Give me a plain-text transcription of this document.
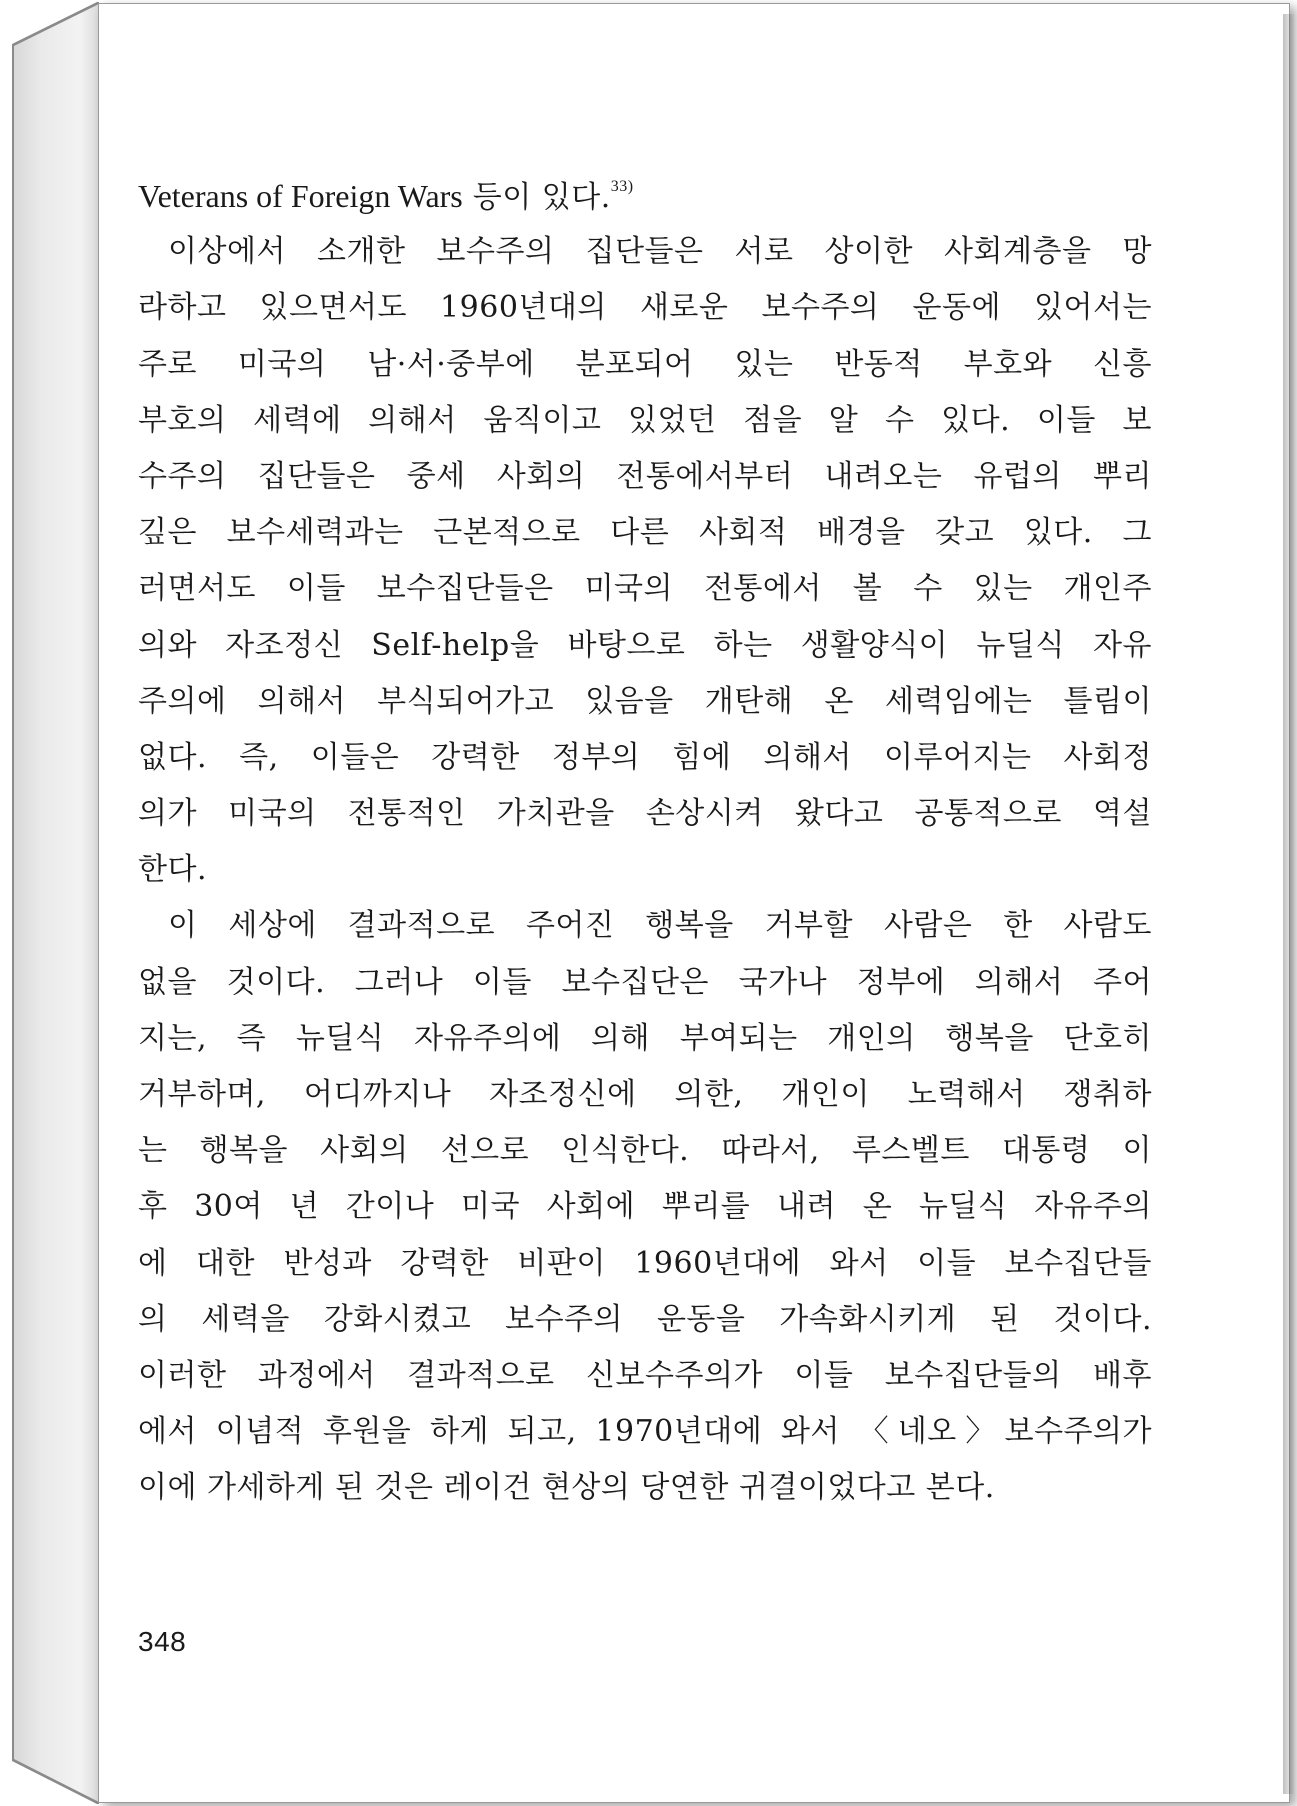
Veterans of Foreign Wars 등이 있다.$^{33)}$
이상에서 소개한 보수주의 집단들은 서로 상이한 사회계층을 망
라하고 있으면서도 1960년대의 새로운 보수주의 운동에 있어서는
주로 미국의 남·서·중부에 분포되어 있는 반동적 부호와 신흥
부호의 세력에 의해서 움직이고 있었던 점을 알 수 있다. 이들 보
수주의 집단들은 중세 사회의 전통에서부터 내려오는 유럽의 뿌리
깊은 보수세력과는 근본적으로 다른 사회적 배경을 갖고 있다. 그
러면서도 이들 보수집단들은 미국의 전통에서 볼 수 있는 개인주
의와 자조정신 Self-help을 바탕으로 하는 생활양식이 뉴딜식 자유
주의에 의해서 부식되어가고 있음을 개탄해 온 세력임에는 틀림이
없다. 즉, 이들은 강력한 정부의 힘에 의해서 이루어지는 사회정
의가 미국의 전통적인 가치관을 손상시켜 왔다고 공통적으로 역설
한다.
이 세상에 결과적으로 주어진 행복을 거부할 사람은 한 사람도
없을 것이다. 그러나 이들 보수집단은 국가나 정부에 의해서 주어
지는, 즉 뉴딜식 자유주의에 의해 부여되는 개인의 행복을 단호히
거부하며, 어디까지나 자조정신에 의한, 개인이 노력해서 쟁취하
는 행복을 사회의 선으로 인식한다. 따라서, 루스벨트 대통령 이
후 30여 년 간이나 미국 사회에 뿌리를 내려 온 뉴딜식 자유주의
에 대한 반성과 강력한 비판이 1960년대에 와서 이들 보수집단들
의 세력을 강화시켰고 보수주의 운동을 가속화시키게 된 것이다.
이러한 과정에서 결과적으로 신보수주의가 이들 보수집단들의 배후
에서 이념적 후원을 하게 되고, 1970년대에 와서 〈네오〉보수주의가
이에 가세하게 된 것은 레이건 현상의 당연한 귀결이었다고 본다.
348
